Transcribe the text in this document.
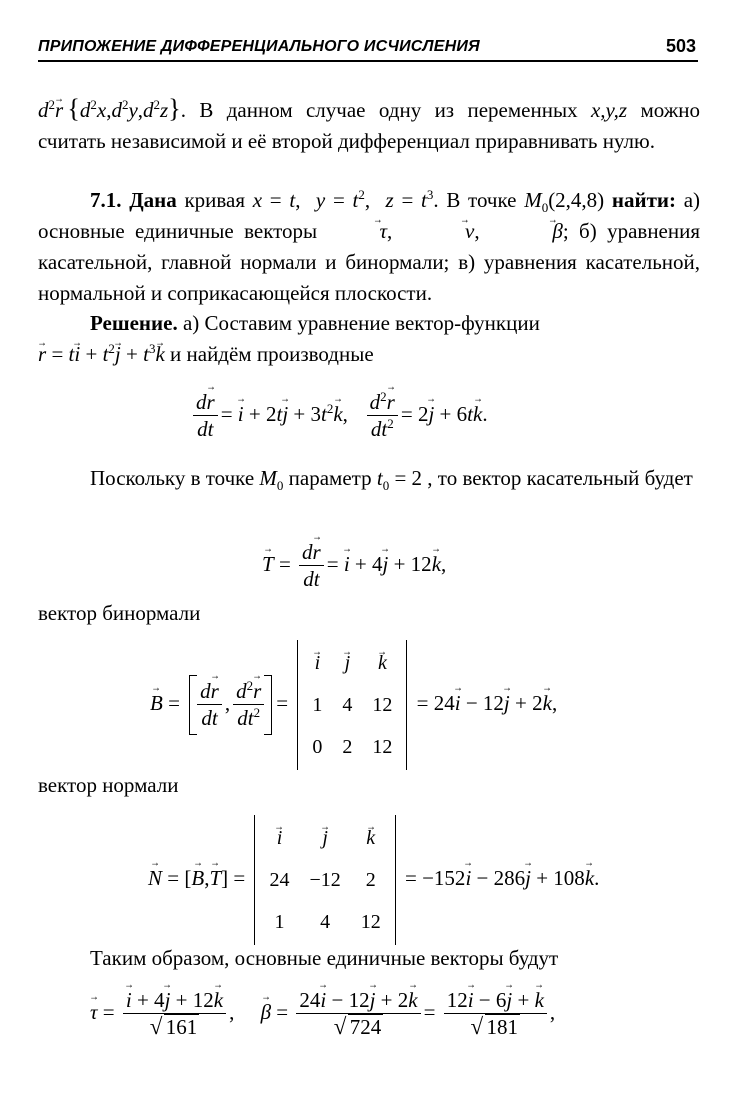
ПРИПОЖЕНИЕ ДИФФЕРЕНЦИАЛЬНОГО ИСЧИСЛЕНИЯ	503
$d^2\to r$  $\{d^2x,d^2y,d^2z\}$. В данном случае одну из переменных x,y,z можно считать независимой и её второй дифференциал приравнивать нулю.
7.1. Дана кривая x = t,  $y = t^2$,  $z = t^3$. В точке $M_0(2,4,8)$ найти: а) основные единичные векторы → τ,  → ν,  → β; б) уравнения касательной, главной нормали и бинормали; в) уравнения касательной, нормальной и соприкасающейся плоскости.
Решение. а) Составим уравнение вектор-функции
→ $r = t\to i + t^2\to j + t^3\to k$ и найдём производные
$\frac{d\to r}{dt}$ = → $i + 2t\to j + 3t^2\to k$, $\frac{d^2\to r}{dt^2} = 2\to j + 6t\to k$.
Поскольку в точке $M_0$ параметр $t_0 = 2$ , то вектор касательный будет
→ $T = \frac{d\to r}{dt}$ = → i + 4→ j + 12→ k,
вектор бинормали
→ $B = \frac{d\to r}{dt}$ , $\frac{d^2\to r}{dt^2}$ =
→ i	→ j	→ k
1	4	12
0	2	12
= 24→ i − 12→ j + 2→ k,
вектор нормали
→ N = [→ B,→ T] =
→ i	→ j	→ k
24	−12	2
1	4	12
= −152→ i − 286→ j + 108→ k.
Таким образом, основные единичные векторы будут
→ τ = → i + 4→ j + 12→ k
√ 161 ,     → β = 24→ i − 12→ j + 2→ k
√ 724 = 12→ i − 6→ j + → k
√ 181 ,
